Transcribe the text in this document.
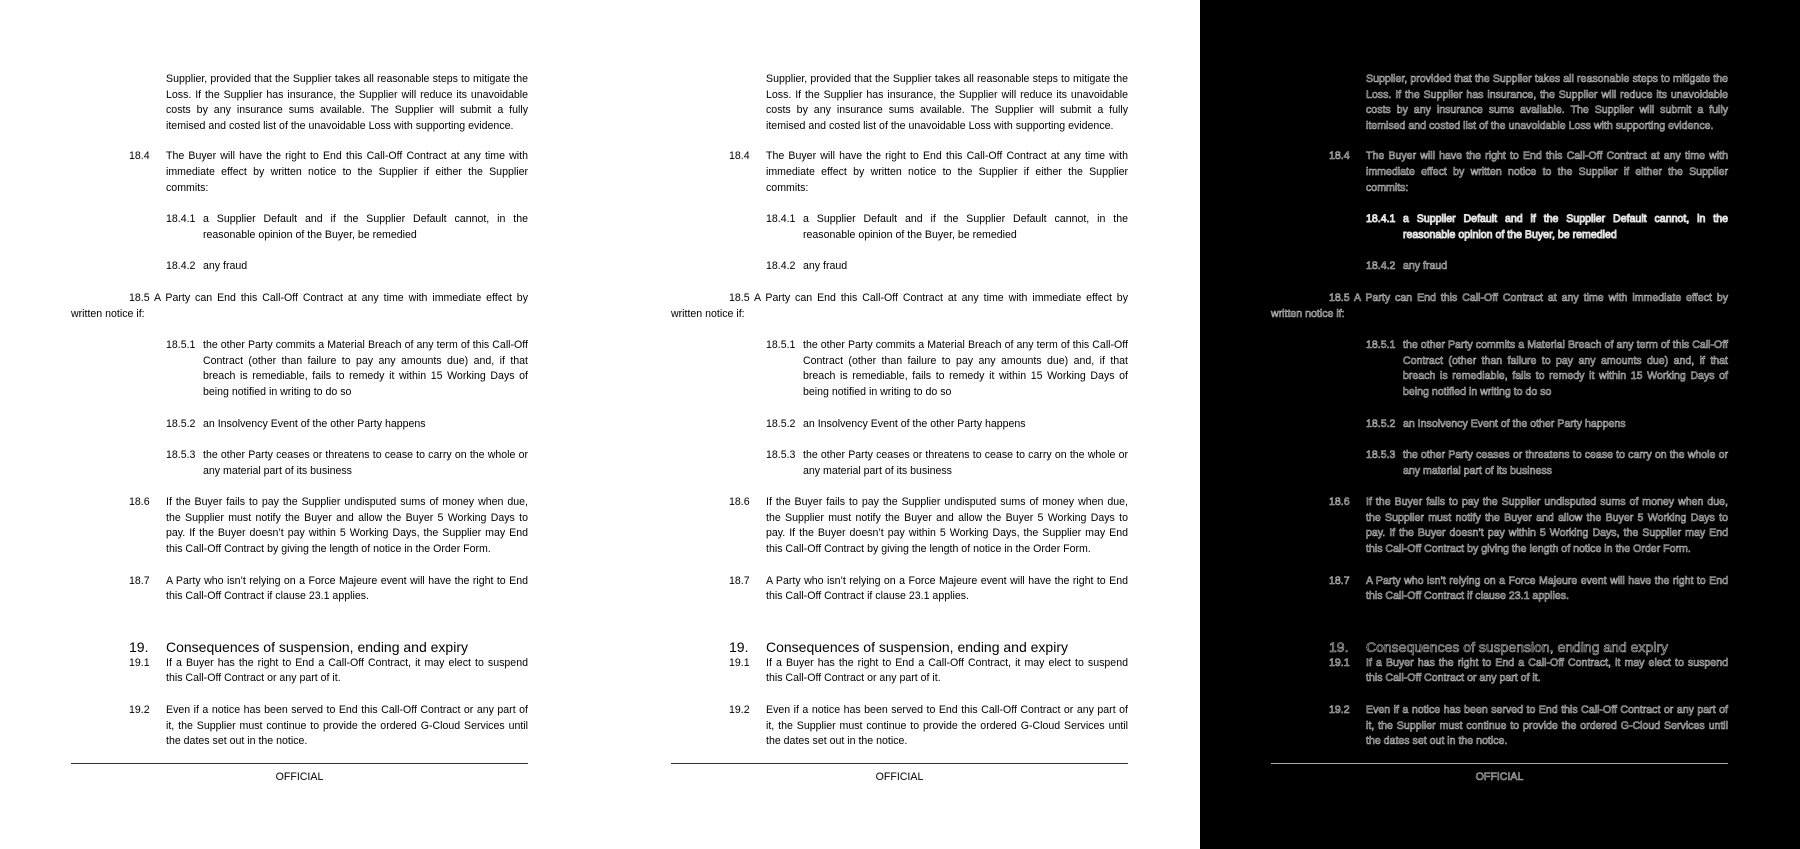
Supplier, provided that the Supplier takes all reasonable steps to mitigate the Loss. If the Supplier has insurance, the Supplier will reduce its unavoidable costs by any insurance sums available. The Supplier will submit a fully itemised and costed list of the unavoidable Loss with supporting evidence.

18.4	The Buyer will have the right to End this Call-Off Contract at any time with immediate effect by written notice to the Supplier if either the Supplier commits:

18.4.1 a Supplier Default and if the Supplier Default cannot, in the reasonable opinion of the Buyer, be remedied

18.4.2 any fraud

18.5 A Party can End this Call-Off Contract at any time with immediate effect by written notice if:

18.5.1 the other Party commits a Material Breach of any term of this Call-Off Contract (other than failure to pay any amounts due) and, if that breach is remediable, fails to remedy it within 15 Working Days of being notified in writing to do so

18.5.2 an Insolvency Event of the other Party happens

18.5.3 the other Party ceases or threatens to cease to carry on the whole or any material part of its business

18.6	If the Buyer fails to pay the Supplier undisputed sums of money when due, the Supplier must notify the Buyer and allow the Buyer 5 Working Days to pay. If the Buyer doesn’t pay within 5 Working Days, the Supplier may End this Call-Off Contract by giving the length of notice in the Order Form.
18.7	A Party who isn’t relying on a Force Majeure event will have the right to End this Call-Off Contract if clause 23.1 applies.
19.	Consequences of suspension, ending and expiry
19.1	If a Buyer has the right to End a Call-Off Contract, it may elect to suspend this Call-Off Contract or any part of it.
19.2	Even if a notice has been served to End this Call-Off Contract or any part of it, the Supplier must continue to provide the ordered G-Cloud Services until the dates set out in the notice.
OFFICIAL

Supplier, provided that the Supplier takes all reasonable steps to mitigate the Loss. If the Supplier has insurance, the Supplier will reduce its unavoidable costs by any insurance sums available. The Supplier will submit a fully itemised and costed list of the unavoidable Loss with supporting evidence.

18.4	The Buyer will have the right to End this Call-Off Contract at any time with immediate effect by written notice to the Supplier if either the Supplier commits:

18.4.1 a Supplier Default and if the Supplier Default cannot, in the reasonable opinion of the Buyer, be remedied

18.4.2 any fraud

18.5 A Party can End this Call-Off Contract at any time with immediate effect by written notice if:

18.5.1 the other Party commits a Material Breach of any term of this Call-Off Contract (other than failure to pay any amounts due) and, if that breach is remediable, fails to remedy it within 15 Working Days of being notified in writing to do so

18.5.2 an Insolvency Event of the other Party happens

18.5.3 the other Party ceases or threatens to cease to carry on the whole or any material part of its business

18.6	If the Buyer fails to pay the Supplier undisputed sums of money when due, the Supplier must notify the Buyer and allow the Buyer 5 Working Days to pay. If the Buyer doesn’t pay within 5 Working Days, the Supplier may End this Call-Off Contract by giving the length of notice in the Order Form.
18.7	A Party who isn’t relying on a Force Majeure event will have the right to End this Call-Off Contract if clause 23.1 applies.
19.	Consequences of suspension, ending and expiry
19.1	If a Buyer has the right to End a Call-Off Contract, it may elect to suspend this Call-Off Contract or any part of it.
19.2	Even if a notice has been served to End this Call-Off Contract or any part of it, the Supplier must continue to provide the ordered G-Cloud Services until the dates set out in the notice.
OFFICIAL

Supplier, provided that the Supplier takes all reasonable steps to mitigate the Loss. If the Supplier has insurance, the Supplier will reduce its unavoidable costs by any insurance sums available. The Supplier will submit a fully itemised and costed list of the unavoidable Loss with supporting evidence.

18.4	The Buyer will have the right to End this Call-Off Contract at any time with immediate effect by written notice to the Supplier if either the Supplier commits:

18.4.1 a Supplier Default and if the Supplier Default cannot, in the reasonable opinion of the Buyer, be remedied

18.4.2 any fraud

18.5 A Party can End this Call-Off Contract at any time with immediate effect by written notice if:

18.5.1 the other Party commits a Material Breach of any term of this Call-Off Contract (other than failure to pay any amounts due) and, if that breach is remediable, fails to remedy it within 15 Working Days of being notified in writing to do so

18.5.2 an Insolvency Event of the other Party happens

18.5.3 the other Party ceases or threatens to cease to carry on the whole or any material part of its business

18.6	If the Buyer fails to pay the Supplier undisputed sums of money when due, the Supplier must notify the Buyer and allow the Buyer 5 Working Days to pay. If the Buyer doesn’t pay within 5 Working Days, the Supplier may End this Call-Off Contract by giving the length of notice in the Order Form.
18.7	A Party who isn’t relying on a Force Majeure event will have the right to End this Call-Off Contract if clause 23.1 applies.
19.	Consequences of suspension, ending and expiry
19.1	If a Buyer has the right to End a Call-Off Contract, it may elect to suspend this Call-Off Contract or any part of it.
19.2	Even if a notice has been served to End this Call-Off Contract or any part of it, the Supplier must continue to provide the ordered G-Cloud Services until the dates set out in the notice.
OFFICIAL
